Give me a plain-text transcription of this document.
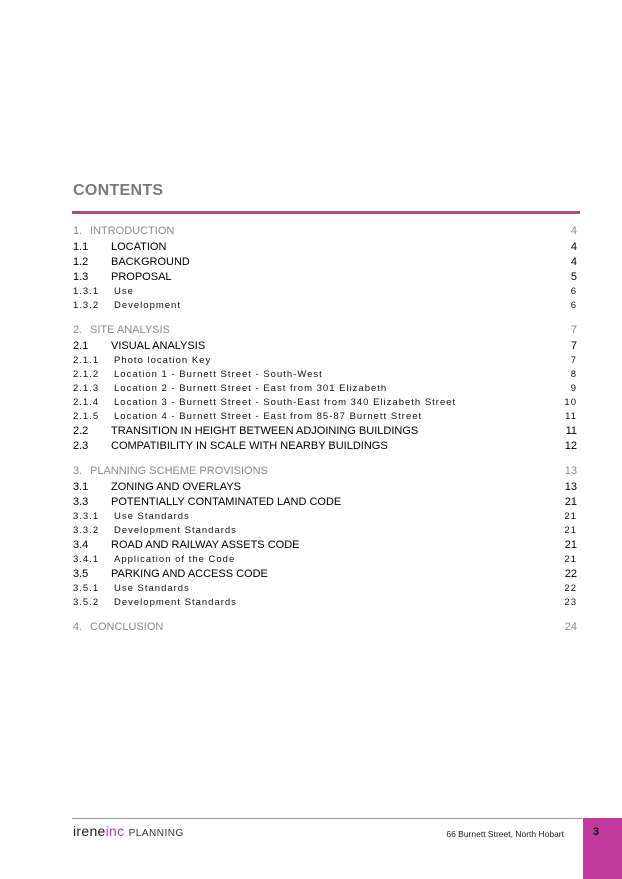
CONTENTS
1. INTRODUCTION	4
1.1	LOCATION	4
1.2	BACKGROUND	4
1.3	PROPOSAL	5
1.3.1	Use	6
1.3.2	Development	6
2. SITE ANALYSIS	7
2.1	VISUAL ANALYSIS	7
2.1.1	Photo location Key	7
2.1.2	Location 1 - Burnett Street - South-West	8
2.1.3	Location 2 - Burnett Street - East from 301 Elizabeth	9
2.1.4	Location 3 - Burnett Street - South-East from 340 Elizabeth Street	10
2.1.5	Location 4 - Burnett Street - East from 85-87 Burnett Street	11
2.2	TRANSITION IN HEIGHT BETWEEN ADJOINING BUILDINGS	11
2.3	COMPATIBILITY IN SCALE WITH NEARBY BUILDINGS	12
3. PLANNING SCHEME PROVISIONS	13
3.1	ZONING AND OVERLAYS	13
3.3	POTENTIALLY CONTAMINATED LAND CODE	21
3.3.1	Use Standards	21
3.3.2	Development Standards	21
3.4	ROAD AND RAILWAY ASSETS CODE	21
3.4.1	Application of the Code	21
3.5	PARKING AND ACCESS CODE	22
3.5.1	Use Standards	22
3.5.2	Development Standards	23
4. CONCLUSION	24
ireneinc PLANNING	66 Burnett Street, North Hobart	3
